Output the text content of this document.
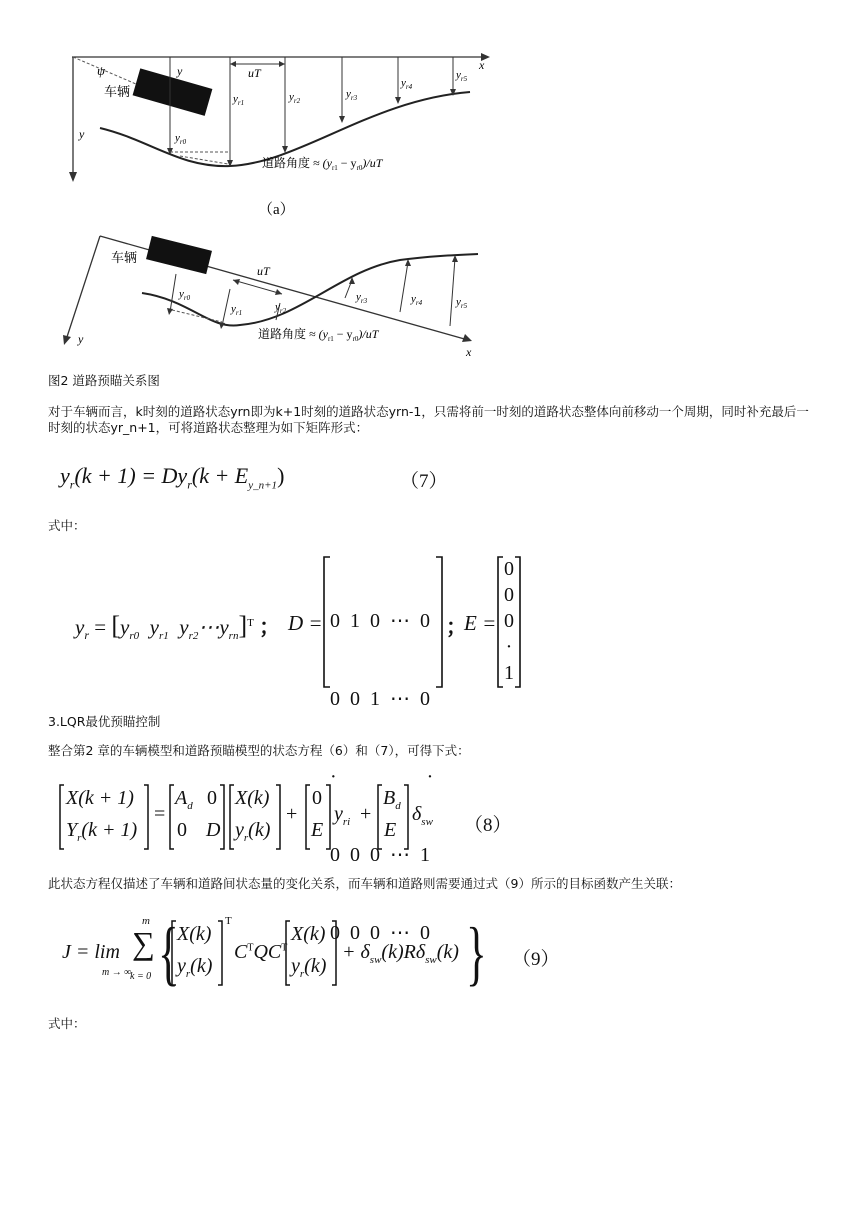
x
ψ	y
y
车辆
uT
$y_{r0}$
$y_{r1}$	$y_{r2}$
$y_{r3}$
$y_{r4}$
$y_{r5}$
道路角度 ≈ $(y_{r1} - y_{r0})/uT$
（a）
x
y
车辆
uT
$y_{r0}$
$y_{r1}$	$y_{r2}$
$y_{r3}$	$y_{r4}$	$y_{r5}$
道路角度 ≈ $(y_{r1} - y_{r0})/uT$
图2 道路预瞄关系图
对于车辆而言，k时刻的道路状态yrn即为k+1时刻的道路状态yrn-1，只需将前一时刻的道路状态整体向前移动一个周期，同时补充最后一时刻的状态yr_n+1，可将道路状态整理为如下矩阵形式：
$y_r(k + 1) = Dy_r(k + E_{y\_n+1})$	（7）
式中：
$y_r = [y_{r0}$ $y_{r1}$ $y_{r2}\cdots y_{rn}]^T$ ； D =

0  1  0  ⋯  0

0  0  1  ⋯  0

·                  ·

0  0  0  ⋯  1

0  0  0  ⋯  0

；
E =
0
0
0
·
1
3.LQR最优预瞄控制
整合第2 章的车辆模型和道路预瞄模型的状态方程（6）和（7），可得下式：
X(k + 1)
$Y_r(k + 1)$
=
$A_d$ 0
0 D
X(k)
$y_r(k)$
+
0
E
$y_{ri}$ +
$B_d$
E
$\delta_{sw}$ （8）
此状态方程仅描述了车辆和道路间状态量的变化关系，而车辆和道路则需要通过式（9）所示的目标函数产生关联：
J = lim
m → ∞
m
∑
k = 0 {
X(k)
$y_r(k)$
T
$C^TQC^T$
X(k)
$y_r(k)$
+ $\delta_{sw}(k)R\delta_{sw}(k)$ } （9）
式中：
